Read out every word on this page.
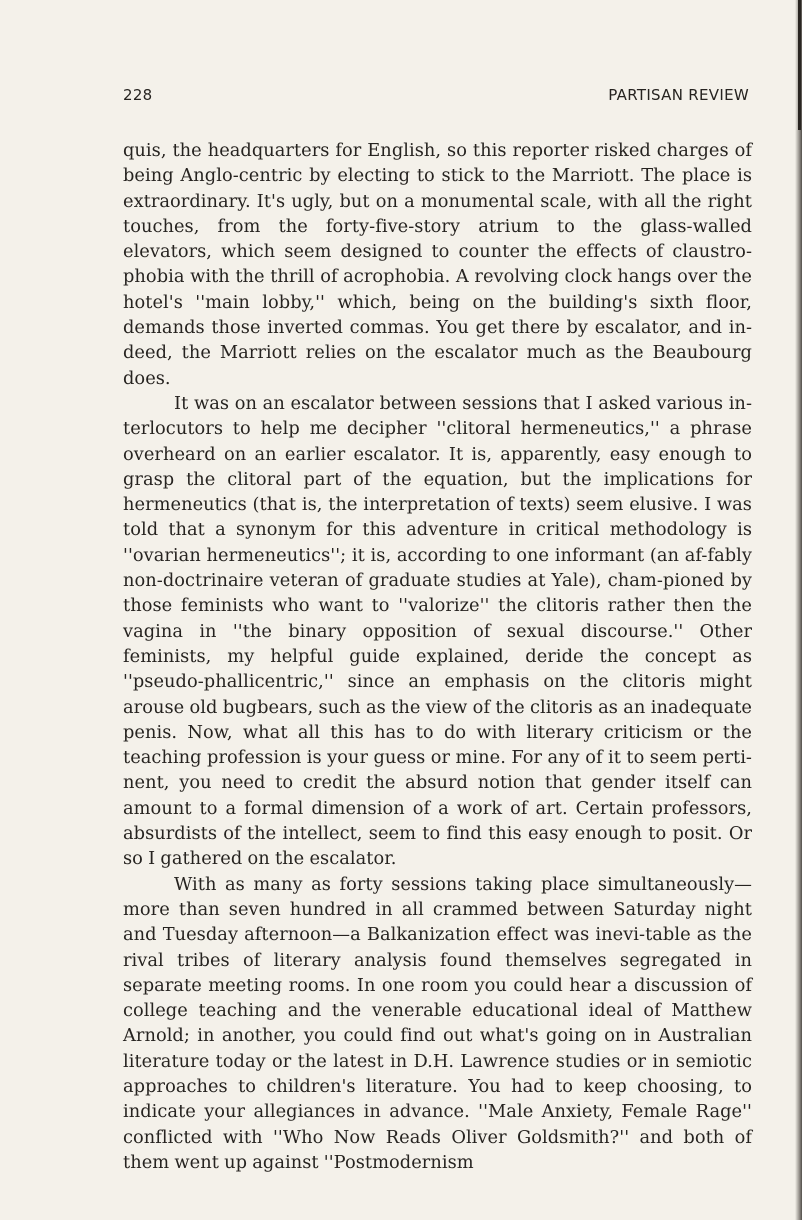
228	PARTISAN REVIEW

quis, the headquarters for English, so this reporter risked charges of being Anglo-centric by electing to stick to the Marriott. The place is extraordinary. It's ugly, but on a monumental scale, with all the right touches, from the forty-five-story atrium to the glass-walled elevators, which seem designed to counter the effects of claustro-phobia with the thrill of acrophobia. A revolving clock hangs over the hotel's ''main lobby,'' which, being on the building's sixth floor, demands those inverted commas. You get there by escalator, and in-deed, the Marriott relies on the escalator much as the Beaubourg does.

It was on an escalator between sessions that I asked various in-terlocutors to help me decipher ''clitoral hermeneutics,'' a phrase overheard on an earlier escalator. It is, apparently, easy enough to grasp the clitoral part of the equation, but the implications for hermeneutics (that is, the interpretation of texts) seem elusive. I was told that a synonym for this adventure in critical methodology is ''ovarian hermeneutics''; it is, according to one informant (an af-fably non-doctrinaire veteran of graduate studies at Yale), cham-pioned by those feminists who want to ''valorize'' the clitoris rather then the vagina in ''the binary opposition of sexual discourse.'' Other feminists, my helpful guide explained, deride the concept as ''pseudo-phallicentric,'' since an emphasis on the clitoris might arouse old bugbears, such as the view of the clitoris as an inadequate penis. Now, what all this has to do with literary criticism or the teaching profession is your guess or mine. For any of it to seem perti-nent, you need to credit the absurd notion that gender itself can amount to a formal dimension of a work of art. Certain professors, absurdists of the intellect, seem to find this easy enough to posit. Or so I gathered on the escalator.

With as many as forty sessions taking place simultaneously— more than seven hundred in all crammed between Saturday night and Tuesday afternoon—a Balkanization effect was inevi-table as the rival tribes of literary analysis found themselves segregated in separate meeting rooms. In one room you could hear a discussion of college teaching and the venerable educational ideal of Matthew Arnold; in another, you could find out what's going on in Australian literature today or the latest in D.H. Lawrence studies or in semiotic approaches to children's literature. You had to keep choosing, to indicate your allegiances in advance. ''Male Anxiety, Female Rage'' conflicted with ''Who Now Reads Oliver Goldsmith?'' and both of them went up against ''Postmodernism
